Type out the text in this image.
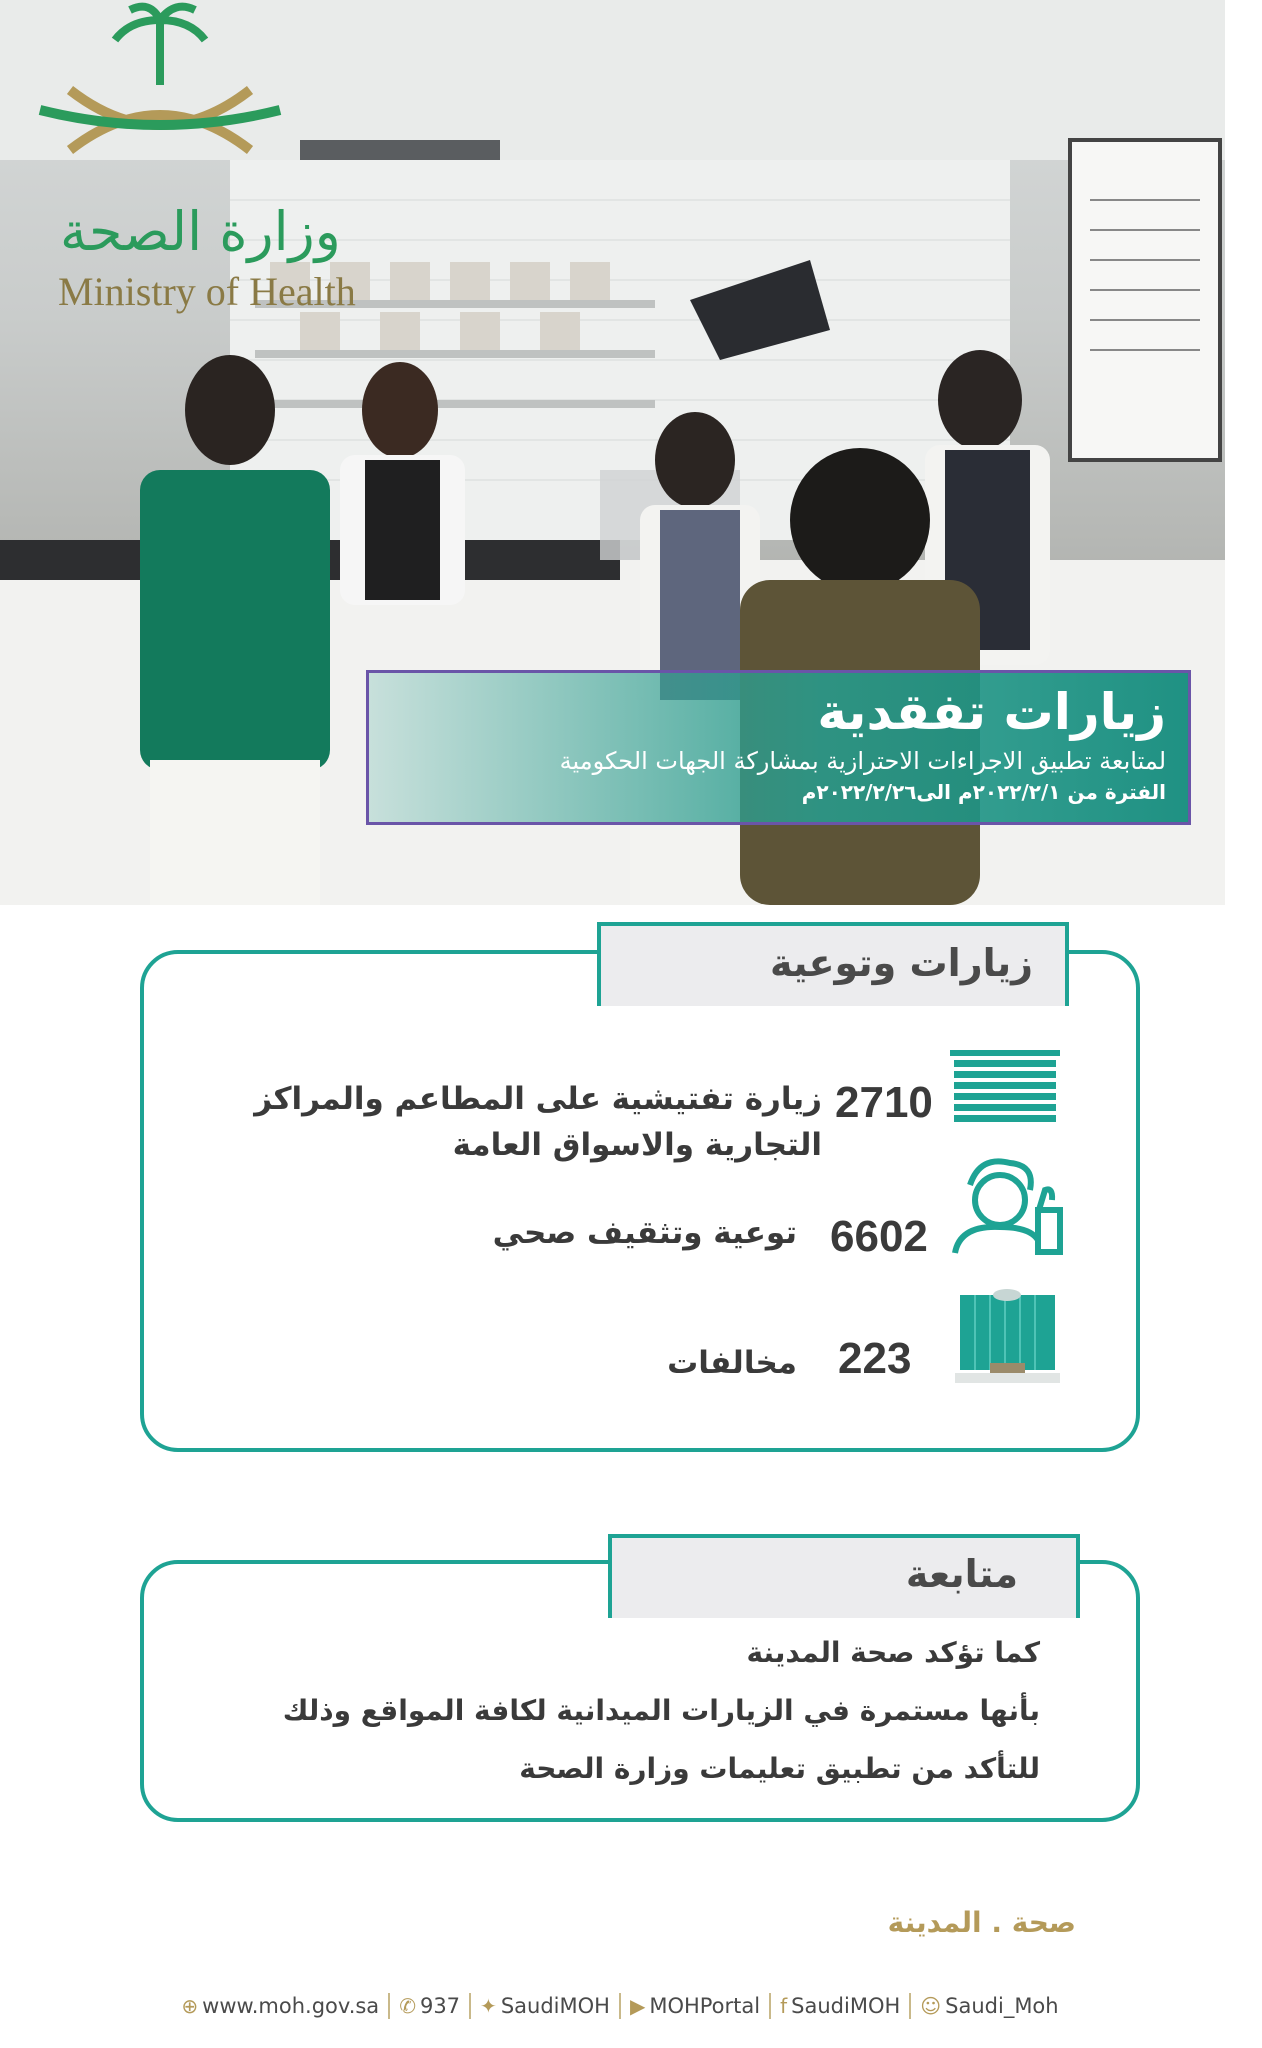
وزارة الصحة
Ministry of Health
زيارات تفقدية
لمتابعة تطبيق الاجراءات الاحترازية بمشاركة الجهات الحكومية
الفترة من ٢٠٢٢/٢/١م الى٢٠٢٢/٢/٢٦م
زيارات وتوعية
2710
زيارة تفتيشية على المطاعم والمراكز
التجارية والاسواق العامة
6602
توعية وتثقيف صحي
223
مخالفات
متابعة
كما تؤكد صحة المدينة
بأنها مستمرة في الزيارات الميدانية لكافة المواقع وذلك
للتأكد من تطبيق تعليمات وزارة الصحة
صحة . المدينة
⊕ www.moh.gov.sa ✆ 937 ✦ SaudiMOH ▶ MOHPortal f SaudiMOH ☺ Saudi_Moh
